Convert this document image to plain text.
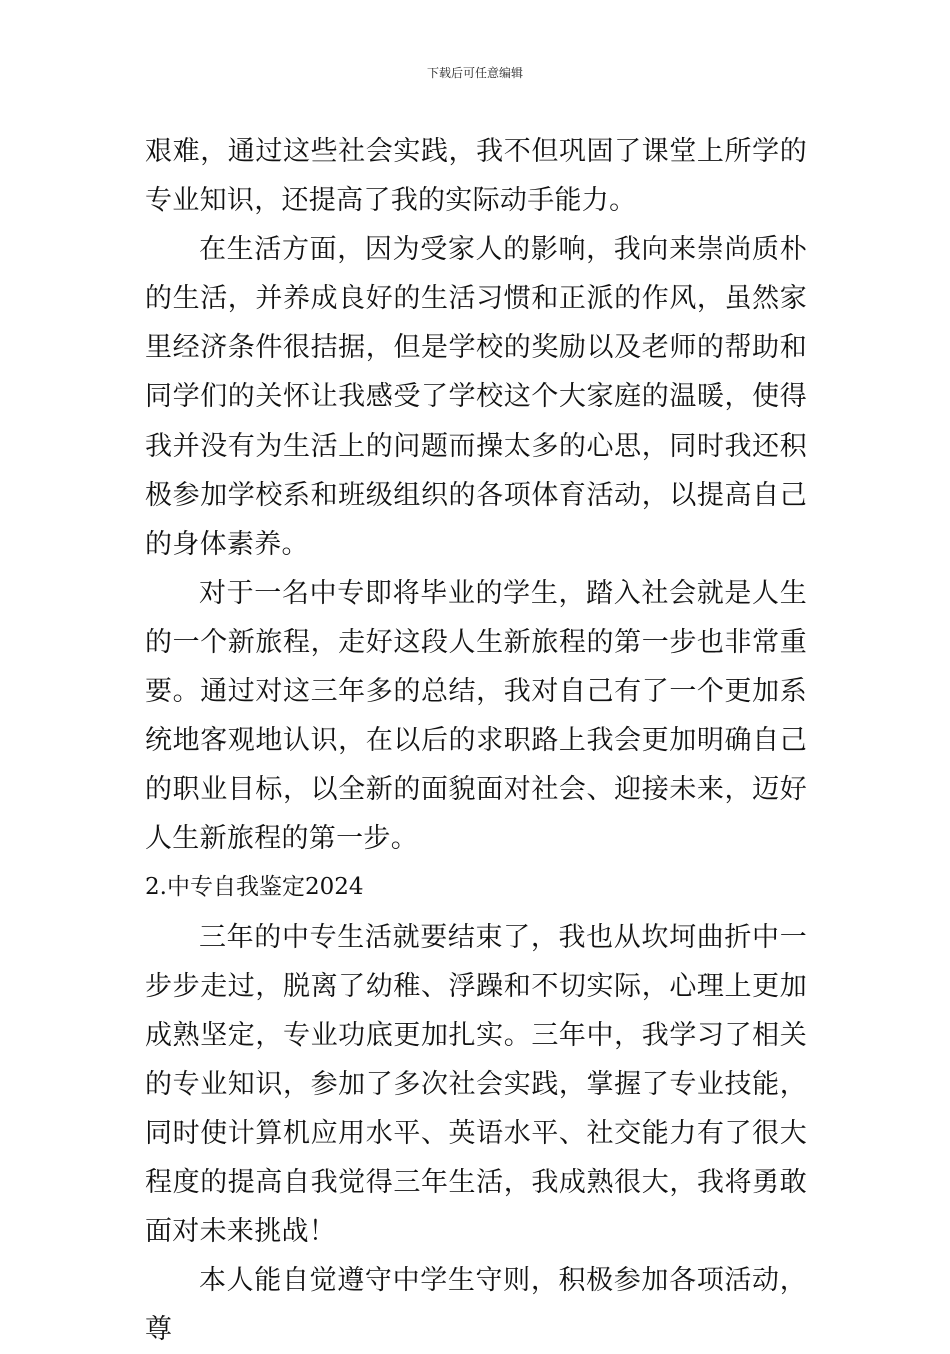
下载后可任意编辑

艰难，通过这些社会实践，我不但巩固了课堂上所学的专业知识，还提高了我的实际动手能力。

在生活方面，因为受家人的影响，我向来崇尚质朴的生活，并养成良好的生活习惯和正派的作风，虽然家里经济条件很拮据，但是学校的奖励以及老师的帮助和同学们的关怀让我感受了学校这个大家庭的温暖，使得我并没有为生活上的问题而操太多的心思，同时我还积极参加学校系和班级组织的各项体育活动，以提高自己的身体素养。

对于一名中专即将毕业的学生，踏入社会就是人生的一个新旅程，走好这段人生新旅程的第一步也非常重要。通过对这三年多的总结，我对自己有了一个更加系统地客观地认识，在以后的求职路上我会更加明确自己的职业目标，以全新的面貌面对社会、迎接未来，迈好人生新旅程的第一步。

2.中专自我鉴定2024

三年的中专生活就要结束了，我也从坎坷曲折中一步步走过，脱离了幼稚、浮躁和不切实际，心理上更加成熟坚定，专业功底更加扎实。三年中，我学习了相关的专业知识，参加了多次社会实践，掌握了专业技能，同时使计算机应用水平、英语水平、社交能力有了很大程度的提高自我觉得三年生活，我成熟很大，我将勇敢面对未来挑战！

本人能自觉遵守中学生守则，积极参加各项活动，尊
